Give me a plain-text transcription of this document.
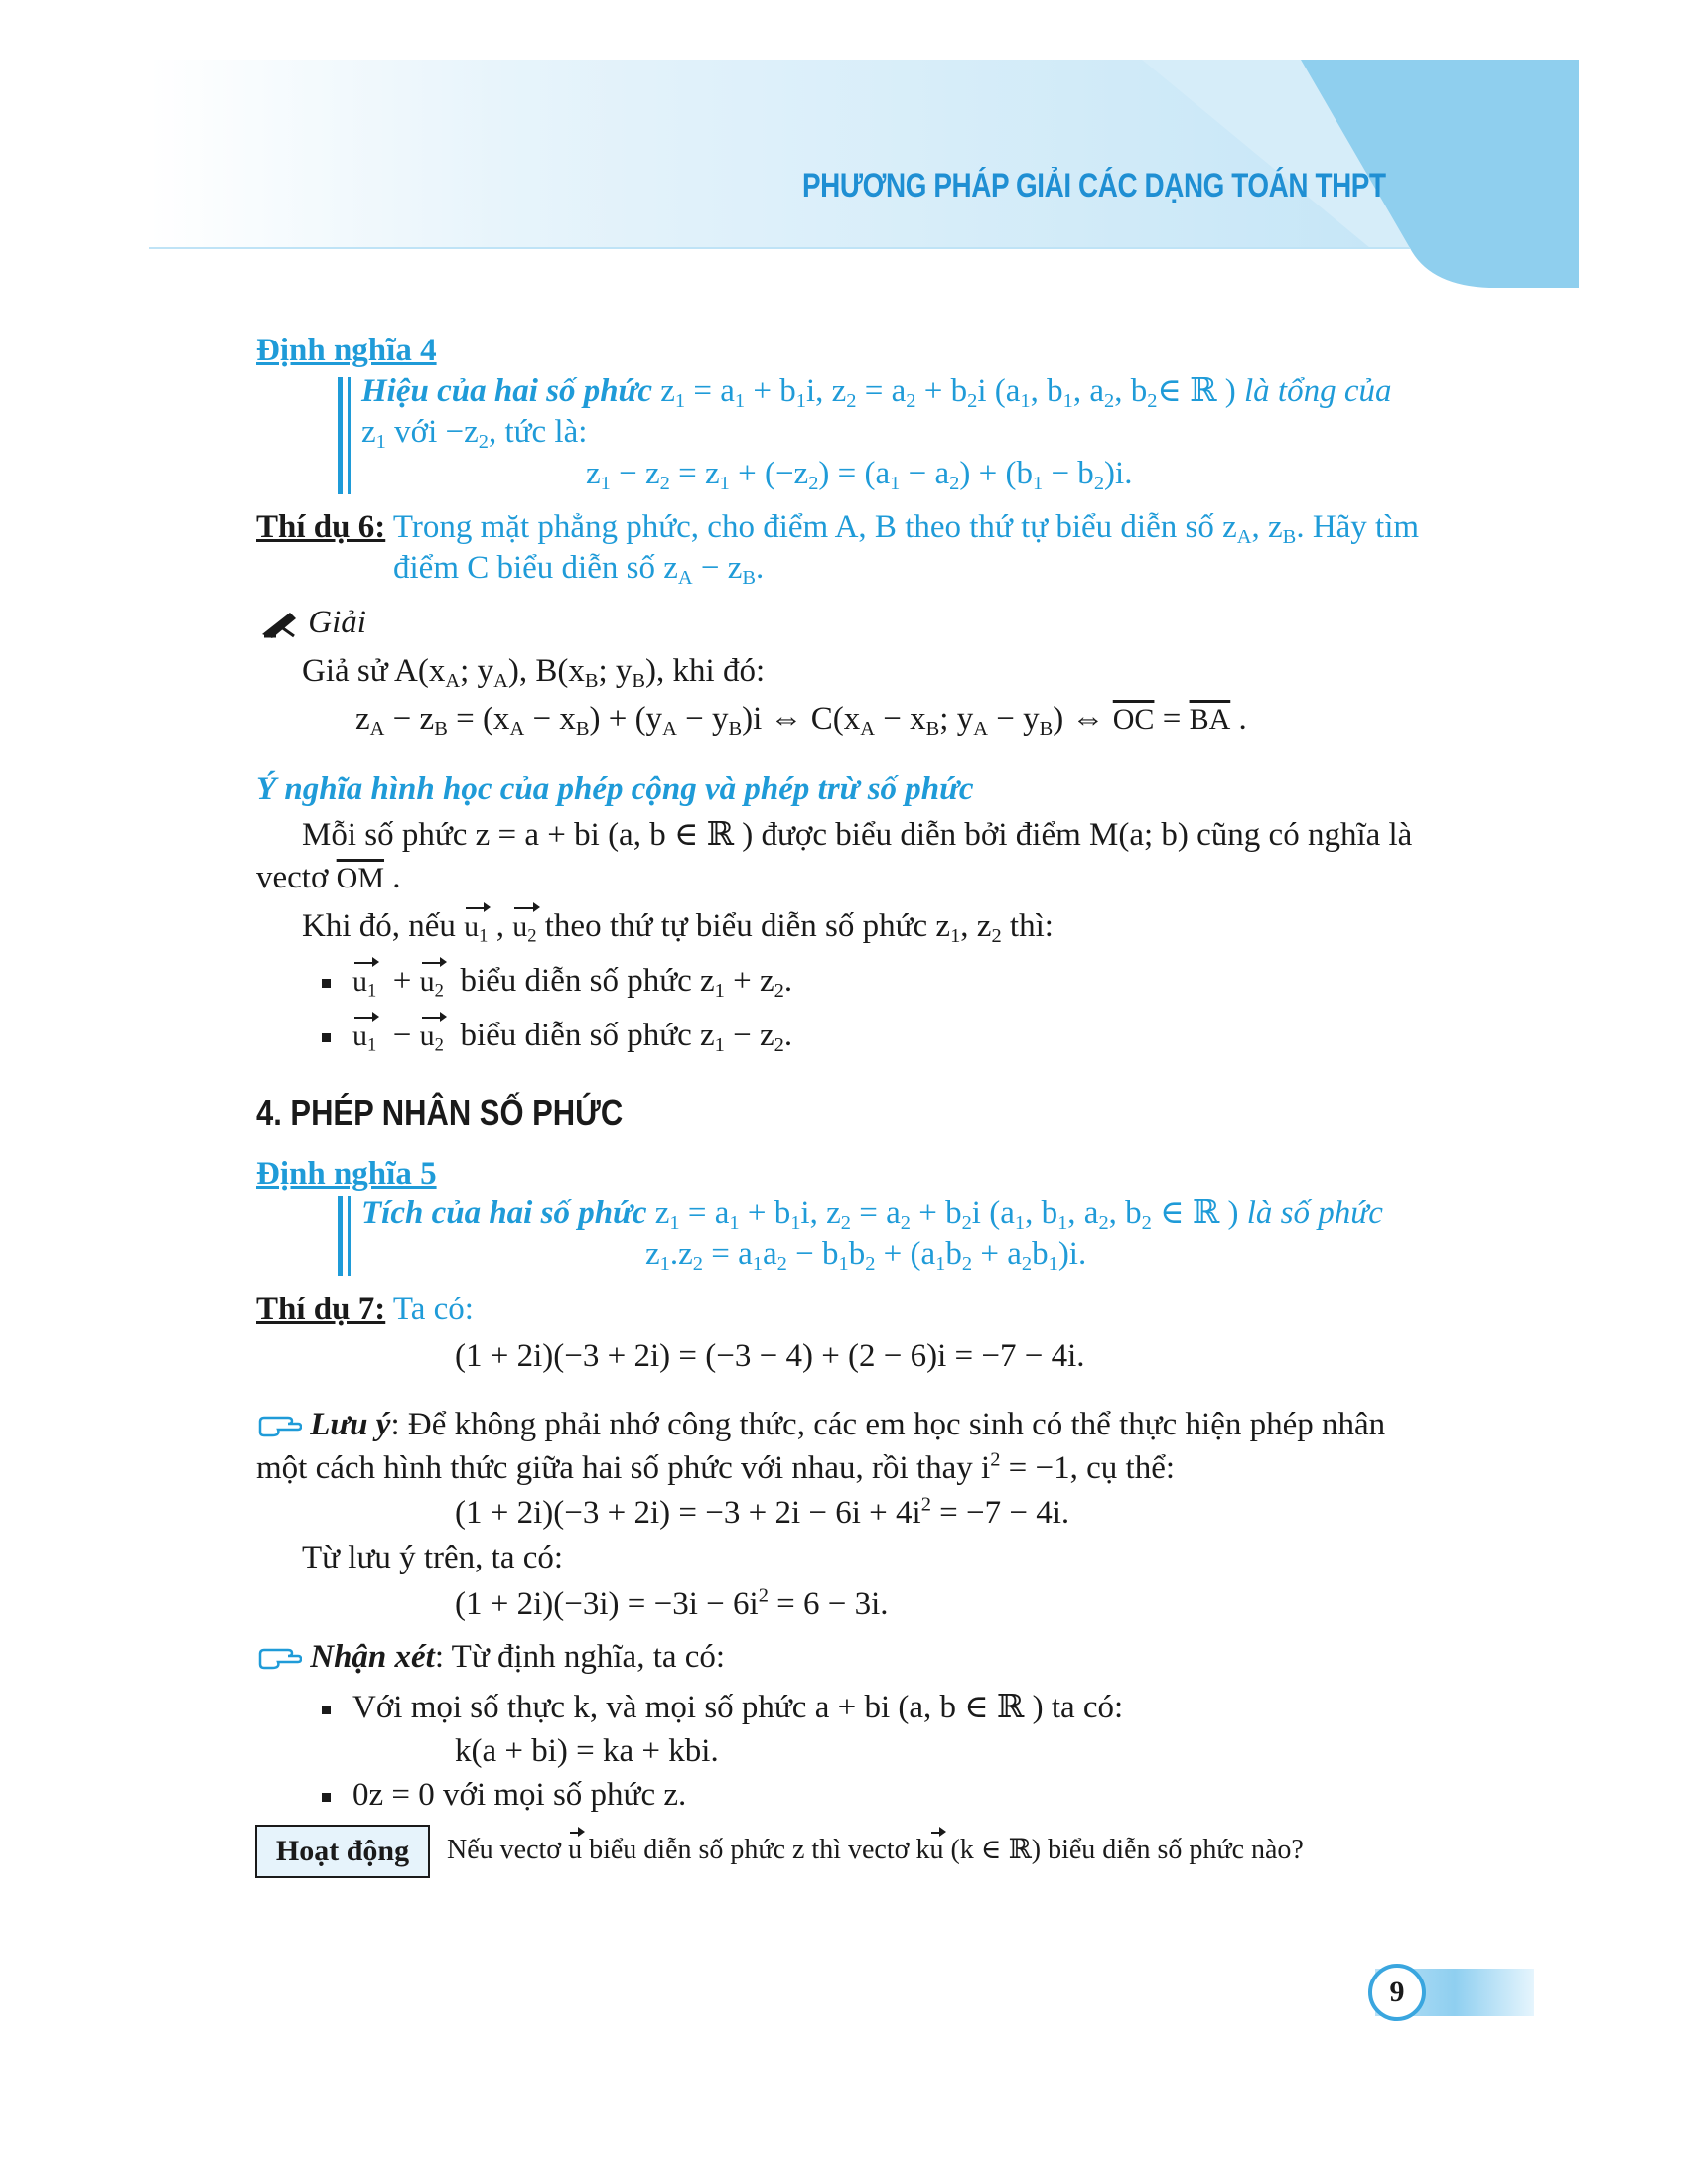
PHƯƠNG PHÁP GIẢI CÁC DẠNG TOÁN THPT
Định nghĩa 4
Hiệu của hai số phức $z_1 = a_1 + b_1i$, $z_2 = a_2 + b_2i$ ($a_1$, $b_1$, $a_2$, $b_2\in$ ℝ ) là tổng của
$z_1$ với $-z_2$, tức là:
$z_1 - z_2 = z_1 + (-z_2) = (a_1 - a_2) + (b_1 - b_2)i$.
Thí dụ 6: Trong mặt phẳng phức, cho điểm A, B theo thứ tự biểu diễn số $z_A$, $z_B$. Hãy tìm
điểm C biểu diễn số $z_A - z_B$.
Giải
Giả sử $A(x_A$; $y_A$), $B(x_B$; $y_B$), khi đó:
$z_A - z_B = (x_A - x_B) + (y_A - y_B)i$ ⇔ $C(x_A - x_B$; $y_A - y_B$) ⇔ $\overline{OC} = \overline{BA}$ .
Ý nghĩa hình học của phép cộng và phép trừ số phức
Mỗi số phức z = a + bi (a, b ∈ ℝ ) được biểu diễn bởi điểm M(a; b) cũng có nghĩa là
vectơ $\overline{OM}$ .
Khi đó, nếu $u_1$ , $u_2$ theo thứ tự biểu diễn số phức $z_1$, $z_2$ thì:
$u_1 + u_2$ biểu diễn số phức $z_1 + z_2$.
$u_1 - u_2$ biểu diễn số phức $z_1 - z_2$.
4. PHÉP NHÂN SỐ PHỨC
Định nghĩa 5
Tích của hai số phức $z_1 = a_1 + b_1i$, $z_2 = a_2 + b_2i$ ($a_1$, $b_1$, $a_2$, $b_2$ ∈ ℝ ) là số phức
$z_1.z_2 = a_1a_2 - b_1b_2 + (a_1b_2 + a_2b_1)i$.
Thí dụ 7: Ta có:
(1 + 2i)(−3 + 2i) = (−3 − 4) + (2 − 6)i = −7 − 4i.
Lưu ý: Để không phải nhớ công thức, các em học sinh có thể thực hiện phép nhân
một cách hình thức giữa hai số phức với nhau, rồi thay $i^2 = -1$, cụ thể:
$(1 + 2i)(-3 + 2i) = -3 + 2i - 6i + 4i^2 = -7 - 4i$.
Từ lưu ý trên, ta có:
$(1 + 2i)(-3i) = -3i - 6i^2 = 6 - 3i$.
Nhận xét: Từ định nghĩa, ta có:
Với mọi số thực k, và mọi số phức a + bi (a, b ∈ ℝ ) ta có:
k(a + bi) = ka + kbi.
0z = 0 với mọi số phức z.
Hoạt động Nếu vectơ u biểu diễn số phức z thì vectơ ku (k ∈ ℝ) biểu diễn số phức nào?
9
